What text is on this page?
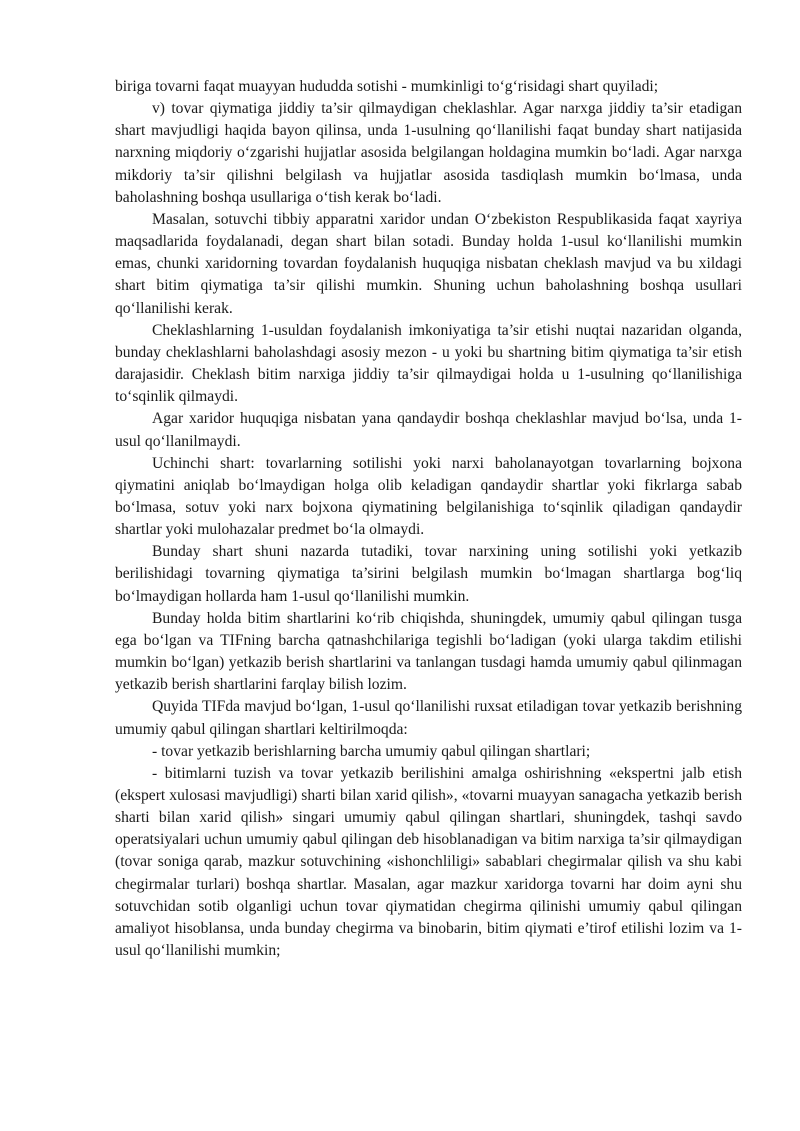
biriga tovarni faqat muayyan hududda sotishi - mumkinligi to‘g‘risidagi shart quyiladi;

v) tovar qiymatiga jiddiy ta’sir qilmaydigan cheklashlar. Agar narxga jiddiy ta’sir etadigan shart mavjudligi haqida bayon qilinsa, unda 1-usulning qo‘llanilishi faqat bunday shart natijasida narxning miqdoriy o‘zgarishi hujjatlar asosida belgilangan holdagina mumkin bo‘ladi. Agar narxga mikdoriy ta’sir qilishni belgilash va hujjatlar asosida tasdiqlash mumkin bo‘lmasa, unda baholashning boshqa usullariga o‘tish kerak bo‘ladi.

Masalan, sotuvchi tibbiy apparatni xaridor undan O‘zbekiston Respublikasida faqat xayriya maqsadlarida foydalanadi, degan shart bilan sotadi. Bunday holda 1-usul ko‘llanilishi mumkin emas, chunki xaridorning tovardan foydalanish huquqiga nisbatan cheklash mavjud va bu xildagi shart bitim qiymatiga ta’sir qilishi mumkin. Shuning uchun baholashning boshqa usullari qo‘llanilishi kerak.

Cheklashlarning 1-usuldan foydalanish imkoniyatiga ta’sir etishi nuqtai nazaridan olganda, bunday cheklashlarni baholashdagi asosiy mezon - u yoki bu shartning bitim qiymatiga ta’sir etish darajasidir. Cheklash bitim narxiga jiddiy ta’sir qilmaydigai holda u 1-usulning qo‘llanilishiga to‘sqinlik qilmaydi.

Agar xaridor huquqiga nisbatan yana qandaydir boshqa cheklashlar mavjud bo‘lsa, unda 1-usul qo‘llanilmaydi.

Uchinchi shart: tovarlarning sotilishi yoki narxi baholanayotgan tovarlarning bojxona qiymatini aniqlab bo‘lmaydigan holga olib keladigan qandaydir shartlar yoki fikrlarga sabab bo‘lmasa, sotuv yoki narx bojxona qiymatining belgilanishiga to‘sqinlik qiladigan qandaydir shartlar yoki mulohazalar predmet bo‘la olmaydi.

Bunday shart shuni nazarda tutadiki, tovar narxining uning sotilishi yoki yetkazib berilishidagi tovarning qiymatiga ta’sirini belgilash mumkin bo‘lmagan shartlarga bog‘liq bo‘lmaydigan hollarda ham 1-usul qo‘llanilishi mumkin.

Bunday holda bitim shartlarini ko‘rib chiqishda, shuningdek, umumiy qabul qilingan tusga ega bo‘lgan va TIFning barcha qatnashchilariga tegishli bo‘ladigan (yoki ularga takdim etilishi mumkin bo‘lgan) yetkazib berish shartlarini va tanlangan tusdagi hamda umumiy qabul qilinmagan yetkazib berish shartlarini farqlay bilish lozim.

Quyida TIFda mavjud bo‘lgan, 1-usul qo‘llanilishi ruxsat etiladigan tovar yetkazib berishning umumiy qabul qilingan shartlari keltirilmoqda:

- tovar yetkazib berishlarning barcha umumiy qabul qilingan shartlari;

- bitimlarni tuzish va tovar yetkazib berilishini amalga oshirishning «ekspertni jalb etish (ekspert xulosasi mavjudligi) sharti bilan xarid qilish», «tovarni muayyan sanagacha yetkazib berish sharti bilan xarid qilish» singari umumiy qabul qilingan shartlari, shuningdek, tashqi savdo operatsiyalari uchun umumiy qabul qilingan deb hisoblanadigan va bitim narxiga ta’sir qilmaydigan (tovar soniga qarab, mazkur sotuvchining «ishonchliligi» sabablari chegirmalar qilish va shu kabi chegirmalar turlari) boshqa shartlar. Masalan, agar mazkur xaridorga tovarni har doim ayni shu sotuvchidan sotib olganligi uchun tovar qiymatidan chegirma qilinishi umumiy qabul qilingan amaliyot hisoblansa, unda bunday chegirma va binobarin, bitim qiymati e’tirof etilishi lozim va 1-usul qo‘llanilishi mumkin;
